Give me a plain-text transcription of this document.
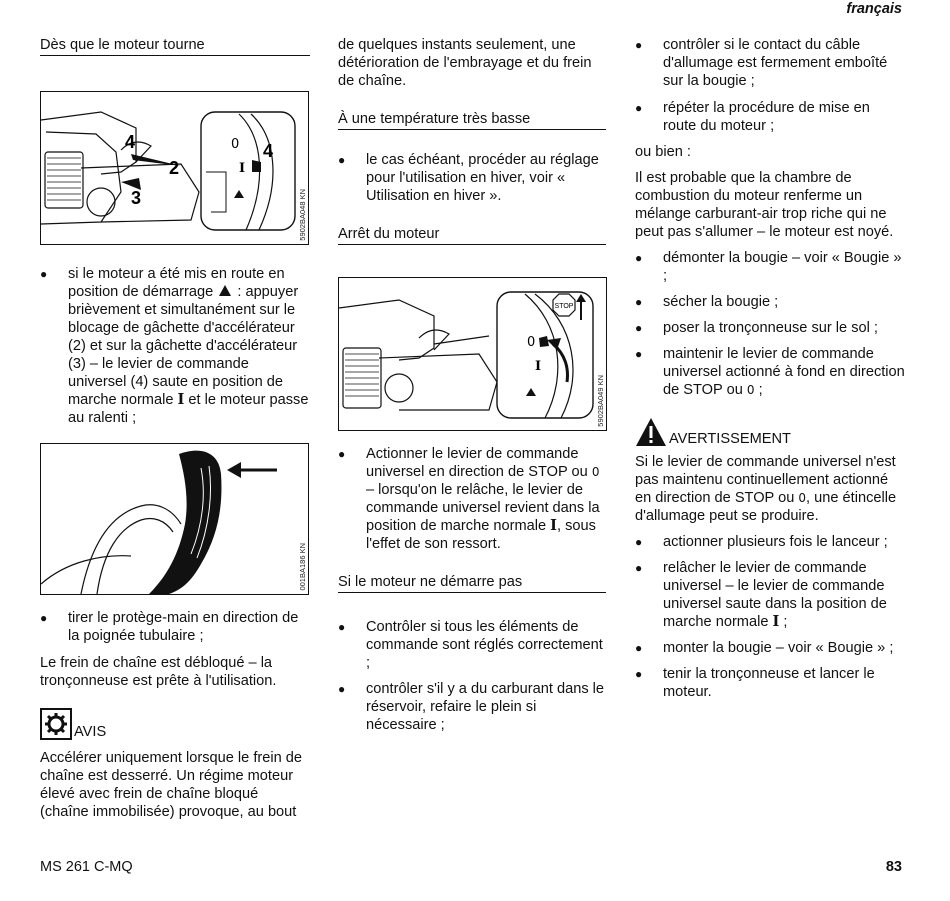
français

Dès que le moteur tourne

4
2
3
0
I
4
5902BA048 KN
● si le moteur a été mis en route en position de démarrage : appuyer brièvement et simultanément sur le blocage de gâchette d'accélérateur (2) et sur la gâchette d'accélérateur (3) – le levier de commande universel (4) saute en position de marche normale I et le moteur passe au ralenti ;
001BA186 KN
● tirer le protège-main en direction de la poignée tubulaire ;

Le frein de chaîne est débloqué – la tronçonneuse est prête à l'utilisation.

AVIS

Accélérer uniquement lorsque le frein de chaîne est desserré. Un régime moteur élevé avec frein de chaîne bloqué (chaîne immobilisée) provoque, au bout

de quelques instants seulement, une détérioration de l'embrayage et du frein de chaîne.

À une température très basse

● le cas échéant, procéder au réglage pour l'utilisation en hiver, voir « Utilisation en hiver ».

Arrêt du moteur

STOP
0
I
5902BA049 KN
● Actionner le levier de commande universel en direction de STOP ou 0 – lorsqu'on le relâche, le levier de commande universel revient dans la position de marche normale I, sous l'effet de son ressort.

Si le moteur ne démarre pas

● Contrôler si tous les éléments de commande sont réglés correctement ;
● contrôler s'il y a du carburant dans le réservoir, refaire le plein si nécessaire ;
● contrôler si le contact du câble d'allumage est fermement emboîté sur la bougie ;
● répéter la procédure de mise en route du moteur ;

ou bien :

Il est probable que la chambre de combustion du moteur renferme un mélange carburant-air trop riche qui ne peut pas s'allumer – le moteur est noyé.

● démonter la bougie – voir « Bougie » ;
● sécher la bougie ;
● poser la tronçonneuse sur le sol ;
● maintenir le levier de commande universel actionné à fond en direction de STOP ou 0 ;
AVERTISSEMENT

Si le levier de commande universel n'est pas maintenu continuellement actionné en direction de STOP ou 0, une étincelle d'allumage peut se produire.

● actionner plusieurs fois le lanceur ;
● relâcher le levier de commande universel – le levier de commande universel saute dans la position de marche normale I ;
● monter la bougie – voir « Bougie » ;
● tenir la tronçonneuse et lancer le moteur.
MS 261 C-MQ	83
